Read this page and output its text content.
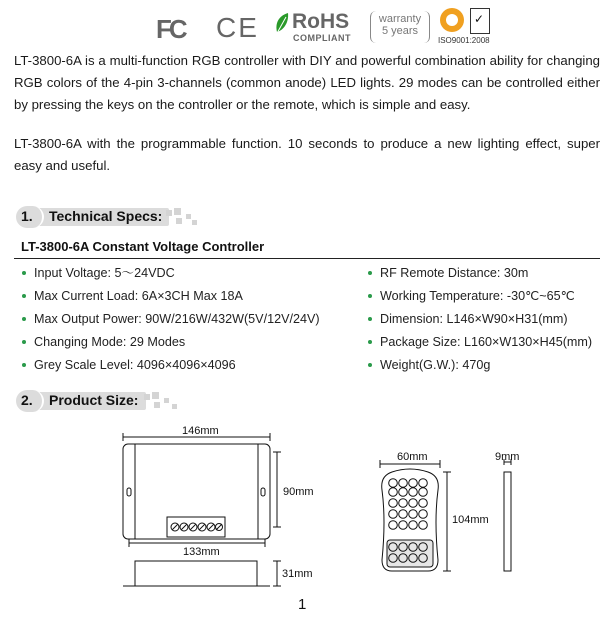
FC CE RoHS
COMPLIANT
warranty
5 years
✓
ISO9001:2008
LT-3800-6A is a multi-function RGB controller with DIY and powerful combination ability for changing RGB colors of the 4-pin 3-channels (common anode) LED lights. 29 modes can be controlled either by pressing the keys on the controller or the remote, which is simple and easy.
LT-3800-6A with the programmable function. 10 seconds to produce a new lighting effect, super easy and useful.
1. Technical Specs:
LT-3800-6A Constant Voltage Controller
Input Voltage: 5～24VDC
Max Current Load: 6A×3CH Max 18A
Max Output Power: 90W/216W/432W(5V/12V/24V)
Changing Mode: 29 Modes
Grey Scale Level: 4096×4096×4096
RF Remote Distance: 30m
Working Temperature: -30℃~65℃
Dimension: L146×W90×H31(mm)
Package Size: L160×W130×H45(mm)
Weight(G.W.): 470g
2. Product Size:
146mm
90mm
133mm
31mm
60mm
104mm
9mm
1
